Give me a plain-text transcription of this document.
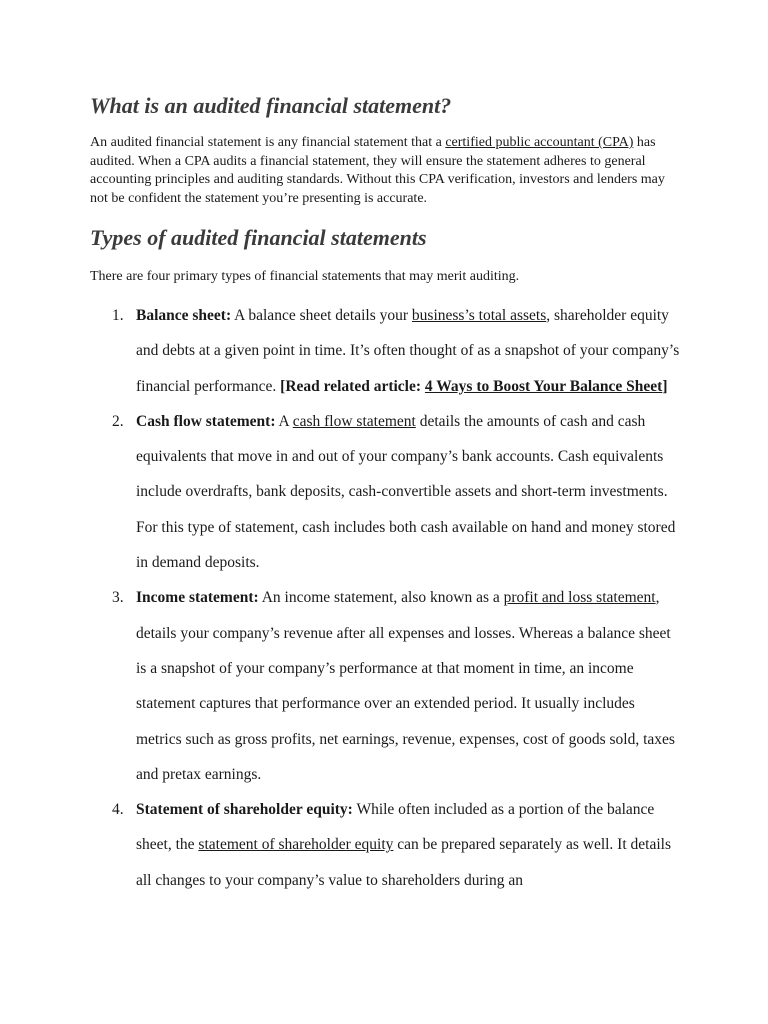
What is an audited financial statement?

An audited financial statement is any financial statement that a certified public accountant (CPA) has audited. When a CPA audits a financial statement, they will ensure the statement adheres to general accounting principles and auditing standards. Without this CPA verification, investors and lenders may not be confident the statement you’re presenting is accurate.

Types of audited financial statements

There are four primary types of financial statements that may merit auditing.

1. Balance sheet: A balance sheet details your business’s total assets, shareholder equity and debts at a given point in time. It’s often thought of as a snapshot of your company’s financial performance. [Read related article: 4 Ways to Boost Your Balance Sheet]
2. Cash flow statement: A cash flow statement details the amounts of cash and cash equivalents that move in and out of your company’s bank accounts. Cash equivalents include overdrafts, bank deposits, cash-convertible assets and short-term investments. For this type of statement, cash includes both cash available on hand and money stored in demand deposits.
3. Income statement: An income statement, also known as a profit and loss statement, details your company’s revenue after all expenses and losses. Whereas a balance sheet is a snapshot of your company’s performance at that moment in time, an income statement captures that performance over an extended period. It usually includes metrics such as gross profits, net earnings, revenue, expenses, cost of goods sold, taxes and pretax earnings.
4. Statement of shareholder equity: While often included as a portion of the balance sheet, the statement of shareholder equity can be prepared separately as well. It details all changes to your company’s value to shareholders during an
